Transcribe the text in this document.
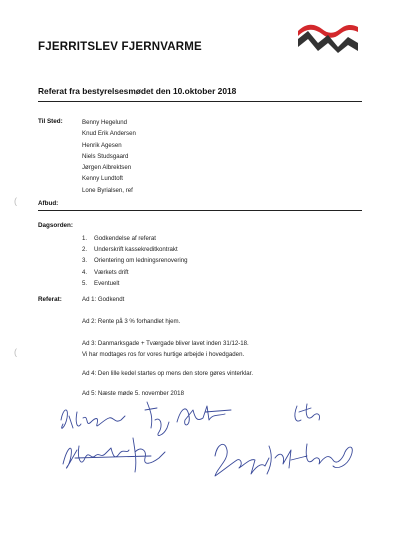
FJERRITSLEV FJERNVARME
Referat fra bestyrelsesmødet den 10.oktober 2018
Til Sted:	Benny Hegelund
Knud Erik Andersen
Henrik Agesen
Niels Studsgaard
Jørgen Albrektsen
Kenny Lundtoft
Lone Byrialsen, ref
Afbud:
(
(
Dagsorden:
1. Godkendelse af referat
2. Underskrift kassekreditkontrakt
3. Orientering om ledningsrenovering
4. Værkets drift
5. Eventuelt
Referat:	Ad 1: Godkendt
Ad 2: Rente på 3 % forhandlet hjem.
Ad 3: Danmarksgade + Tværgade bliver lavet inden 31/12-18.
Vi har modtages ros for vores hurtige arbejde i hovedgaden.
Ad 4: Den lille kedel startes op mens den store gøres vinterklar.
Ad 5: Næste møde 5. november 2018
